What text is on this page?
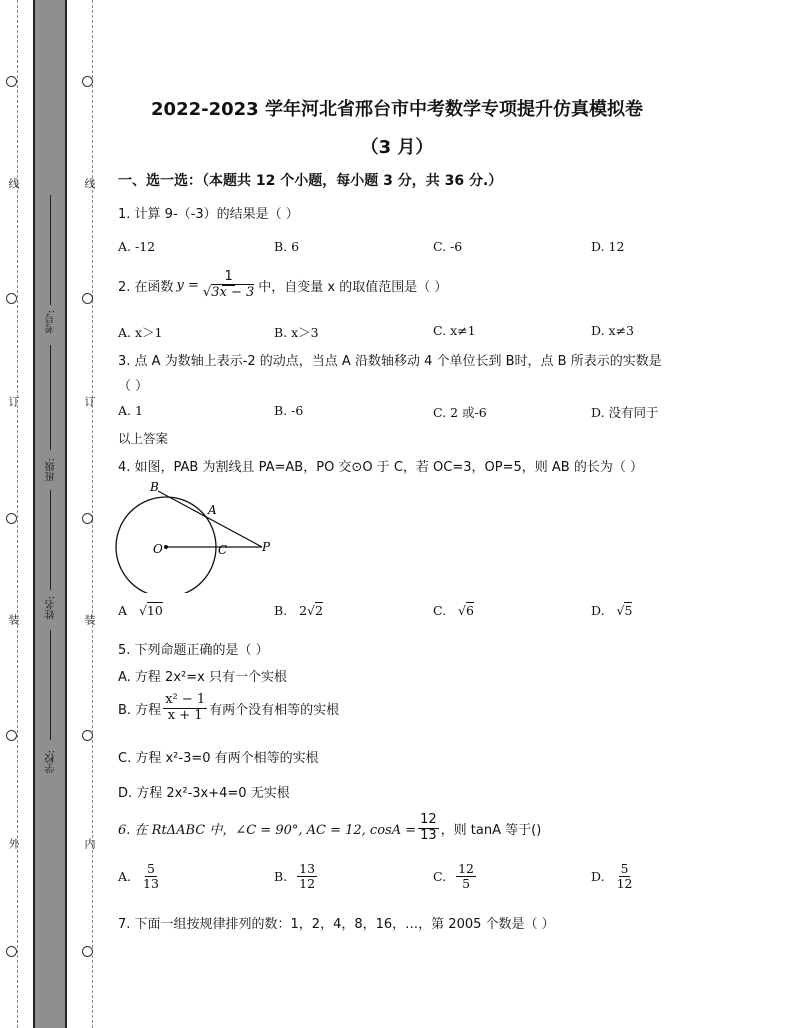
线
订
装
外
线
订
装
内
考号:
班级:
姓名:
学校:
2022-2023 学年河北省邢台市中考数学专项提升仿真模拟卷
（3 月）
一、选一选：（本题共 12 个小题，每小题 3 分，共 36 分.）
1. 计算 9-（-3）的结果是（ ）
A. -12	B. 6	C. -6	D. 12
2. 在函数 $y = \frac{1}{√3x - 3}$ 中，自变量 x 的取值范围是（ ）
A. x＞1	B. x＞3	C. x≠1	D. x≠3
3. 点 A 为数轴上表示-2 的动点，当点 A 沿数轴移动 4 个单位长到 B时，点 B 所表示的实数是
（ ）
A. 1	B. -6	C. 2 或-6	D. 没有同于
以上答案
4. 如图，PAB 为割线且 PA=AB，PO 交⊙O 于 C，若 OC=3，OP=5，则 AB 的长为（ ）
B
A
O	C	P
A   √10	B. 2√2	C.   √6	D.   √5
5. 下列命题正确的是（ ）
A. 方程 2x²=x 只有一个实根
B. 方程 $\frac{\text{x² − 1}}{x + 1}$ 有两个没有相等的实根
C. 方程 x²-3=0 有两个相等的实根
D. 方程 2x²-3x+4=0 无实根
6. 在 RtΔABC 中，∠C = 90°, AC = 12, $\cos A = \frac{12}{13}$ ，则 tanA 等于()
A. $\frac{5}{13}$	B. $\frac{13}{12}$	C. $\frac{12}{5}$	D. $\frac{5}{12}$
7. 下面一组按规律排列的数：1，2，4，8，16，…，第 2005 个数是（ ）
